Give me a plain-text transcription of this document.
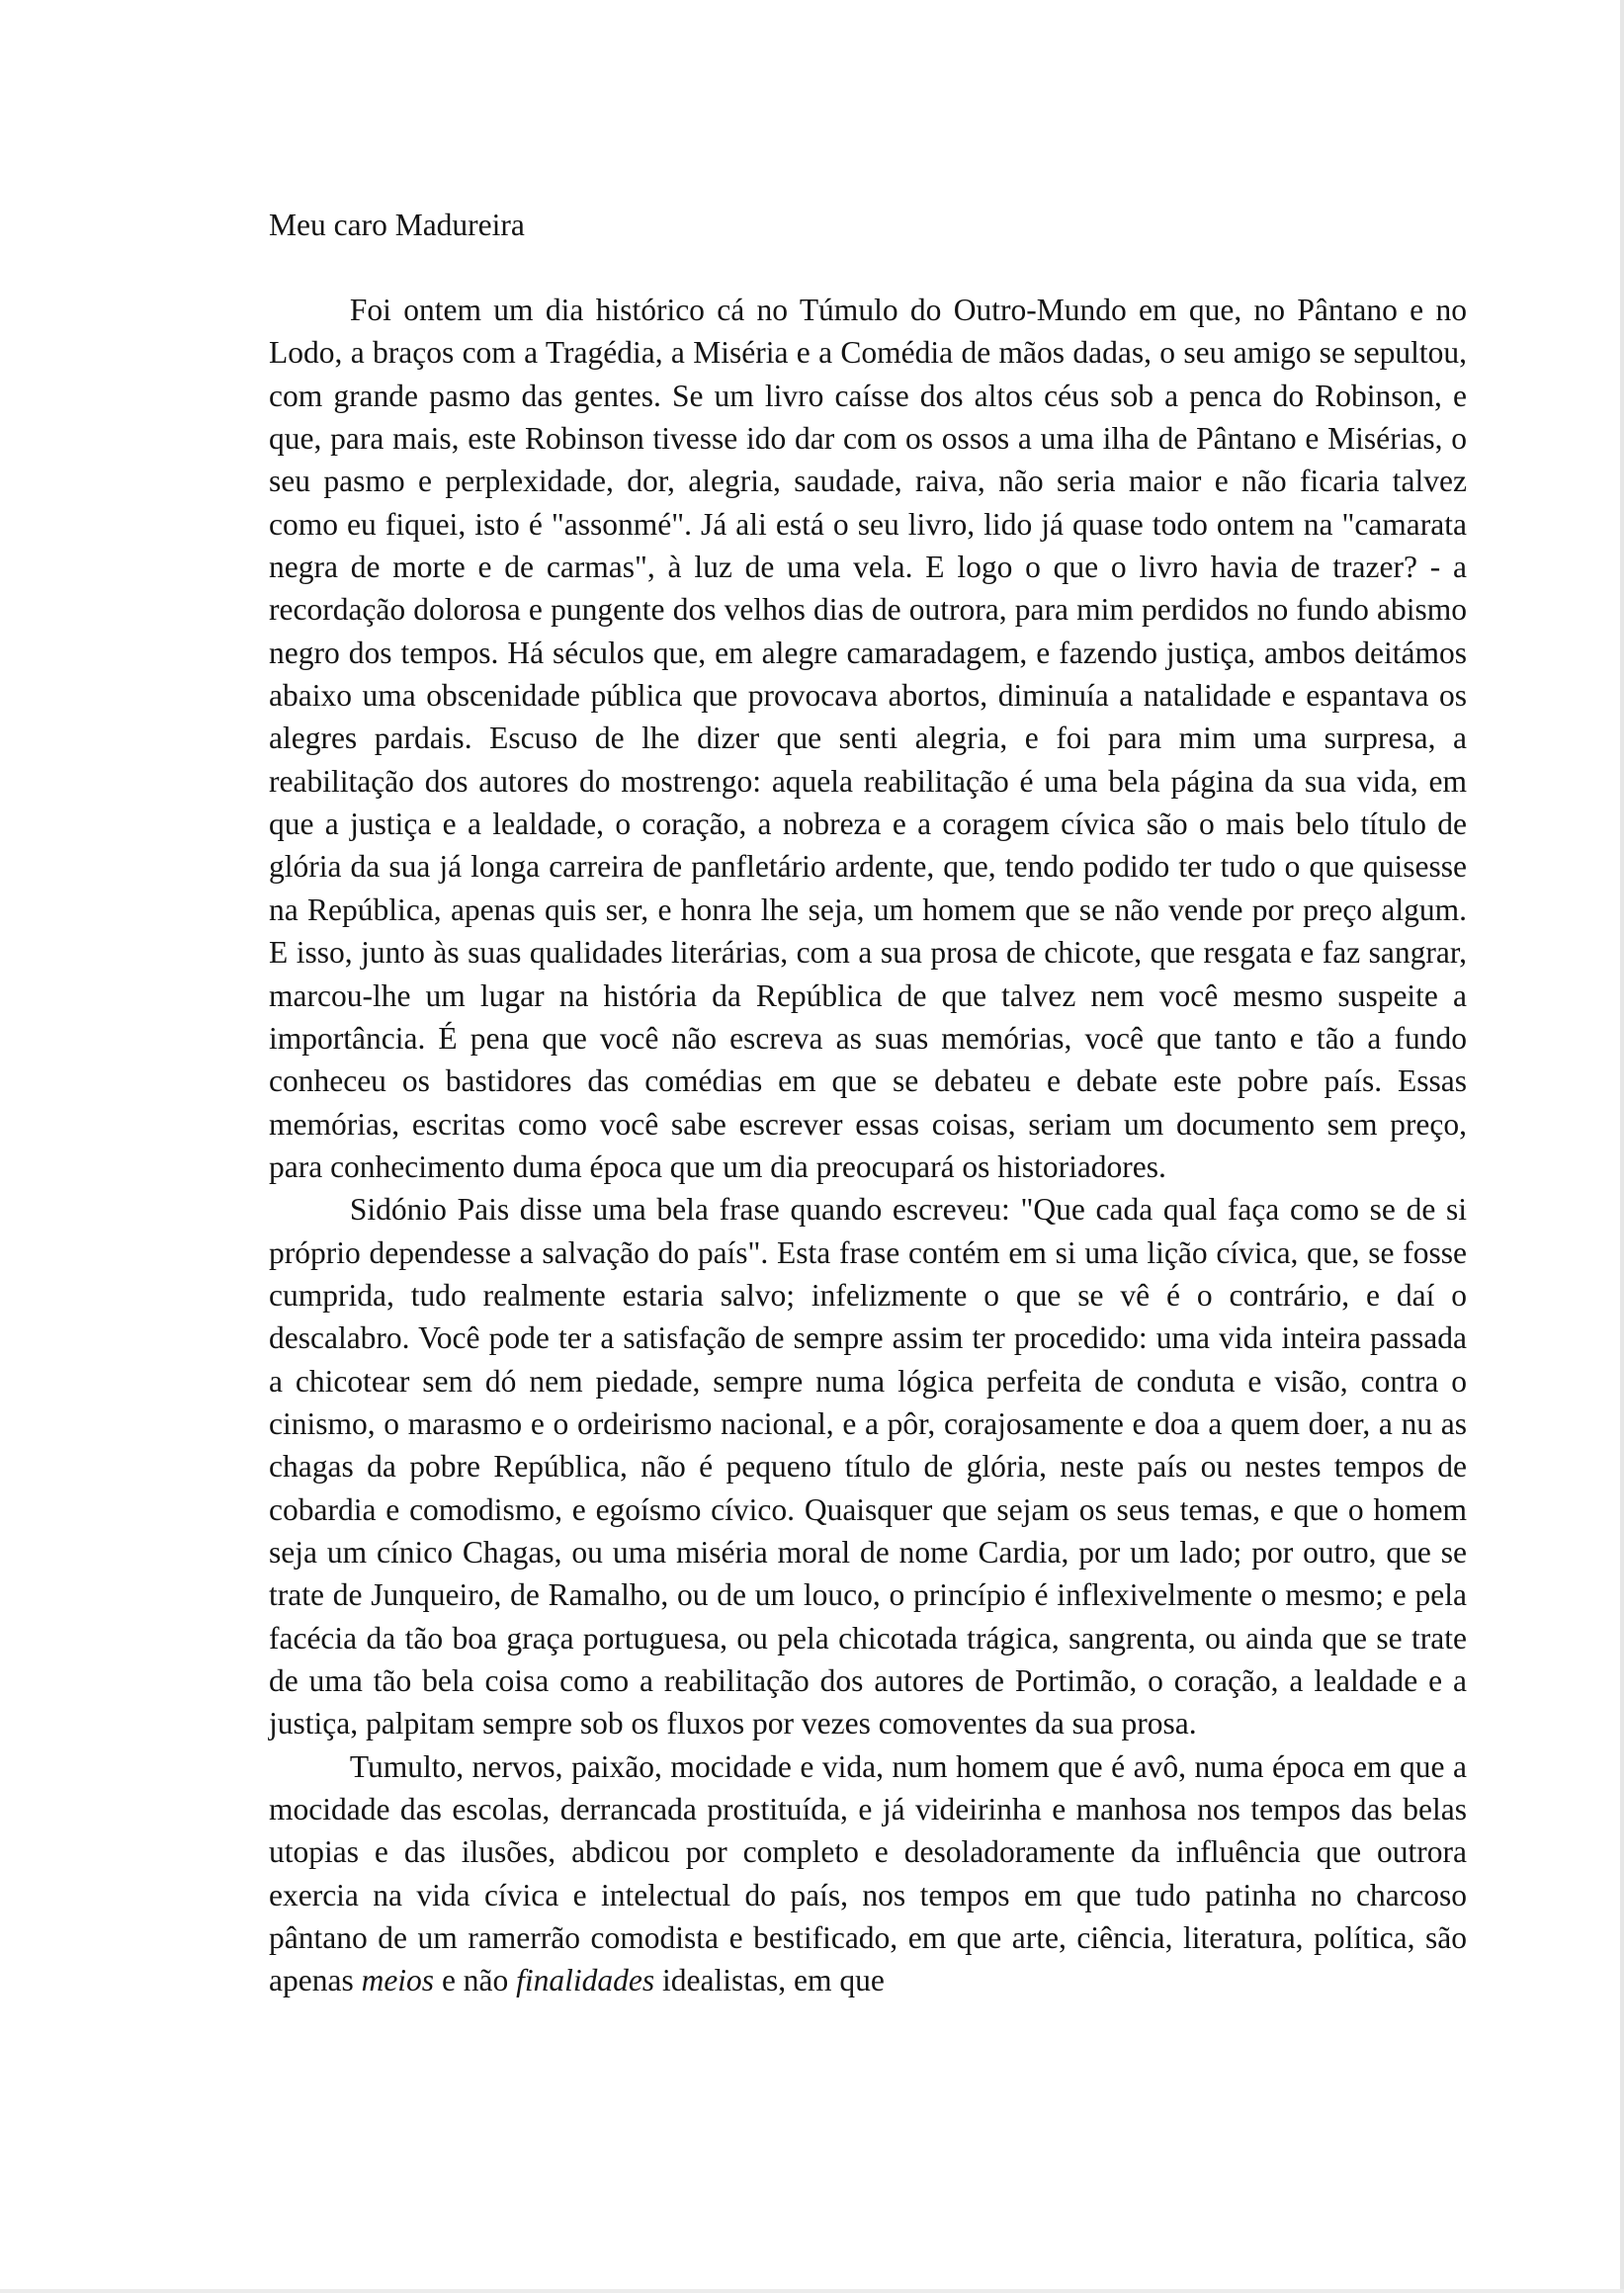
Meu caro Madureira

Foi ontem um dia histórico cá no Túmulo do Outro-Mundo em que, no Pântano e no Lodo, a braços com a Tragédia, a Miséria e a Comédia de mãos dadas, o seu amigo se sepultou, com grande pasmo das gentes. Se um livro caísse dos altos céus sob a penca do Robinson, e que, para mais, este Robinson tivesse ido dar com os ossos a uma ilha de Pântano e Misérias, o seu pasmo e perplexidade, dor, alegria, saudade, raiva, não seria maior e não ficaria talvez como eu fiquei, isto é "assonmé". Já ali está o seu livro, lido já quase todo ontem na "camarata negra de morte e de carmas", à luz de uma vela. E logo o que o livro havia de trazer? - a recordação dolorosa e pungente dos velhos dias de outrora, para mim perdidos no fundo abismo negro dos tempos. Há séculos que, em alegre camaradagem, e fazendo justiça, ambos deitámos abaixo uma obscenidade pública que provocava abortos, diminuía a natalidade e espantava os alegres pardais. Escuso de lhe dizer que senti alegria, e foi para mim uma surpresa, a reabilitação dos autores do mostrengo: aquela reabilitação é uma bela página da sua vida, em que a justiça e a lealdade, o coração, a nobreza e a coragem cívica são o mais belo título de glória da sua já longa carreira de panfletário ardente, que, tendo podido ter tudo o que quisesse na República, apenas quis ser, e honra lhe seja, um homem que se não vende por preço algum. E isso, junto às suas qualidades literárias, com a sua prosa de chicote, que resgata e faz sangrar, marcou-lhe um lugar na história da República de que talvez nem você mesmo suspeite a importância. É pena que você não escreva as suas memórias, você que tanto e tão a fundo conheceu os bastidores das comédias em que se debateu e debate este pobre país. Essas memórias, escritas como você sabe escrever essas coisas, seriam um documento sem preço, para conhecimento duma época que um dia preocupará os historiadores.

Sidónio Pais disse uma bela frase quando escreveu: "Que cada qual faça como se de si próprio dependesse a salvação do país". Esta frase contém em si uma lição cívica, que, se fosse cumprida, tudo realmente estaria salvo; infelizmente o que se vê é o contrário, e daí o descalabro. Você pode ter a satisfação de sempre assim ter procedido: uma vida inteira passada a chicotear sem dó nem piedade, sempre numa lógica perfeita de conduta e visão, contra o cinismo, o marasmo e o ordeirismo nacional, e a pôr, corajosamente e doa a quem doer, a nu as chagas da pobre República, não é pequeno título de glória, neste país ou nestes tempos de cobardia e comodismo, e egoísmo cívico. Quaisquer que sejam os seus temas, e que o homem seja um cínico Chagas, ou uma miséria moral de nome Cardia, por um lado; por outro, que se trate de Junqueiro, de Ramalho, ou de um louco, o princípio é inflexivelmente o mesmo; e pela facécia da tão boa graça portuguesa, ou pela chicotada trágica, sangrenta, ou ainda que se trate de uma tão bela coisa como a reabilitação dos autores de Portimão, o coração, a lealdade e a justiça, palpitam sempre sob os fluxos por vezes comoventes da sua prosa.

Tumulto, nervos, paixão, mocidade e vida, num homem que é avô, numa época em que a mocidade das escolas, derrancada prostituída, e já videirinha e manhosa nos tempos das belas utopias e das ilusões, abdicou por completo e desoladoramente da influência que outrora exercia na vida cívica e intelectual do país, nos tempos em que tudo patinha no charcoso pântano de um ramerrão comodista e bestificado, em que arte, ciência, literatura, política, são apenas meios e não finalidades idealistas, em que
